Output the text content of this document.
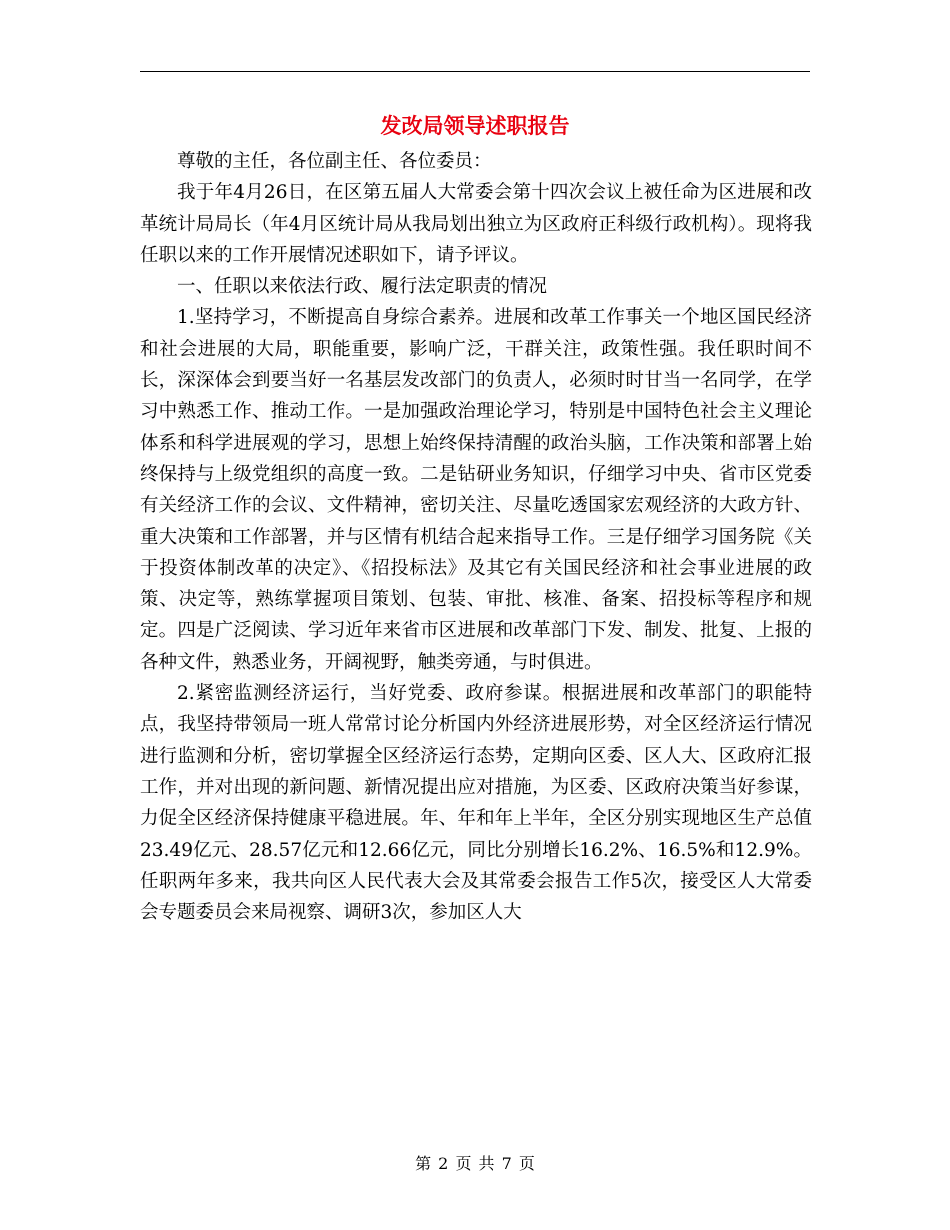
发改局领导述职报告

尊敬的主任，各位副主任、各位委员：

我于年4月26日，在区第五届人大常委会第十四次会议上被任命为区进展和改革统计局局长（年4月区统计局从我局划出独立为区政府正科级行政机构）。现将我任职以来的工作开展情况述职如下，请予评议。

一、任职以来依法行政、履行法定职责的情况

1.坚持学习，不断提高自身综合素养。进展和改革工作事关一个地区国民经济和社会进展的大局，职能重要，影响广泛，干群关注，政策性强。我任职时间不长，深深体会到要当好一名基层发改部门的负责人，必须时时甘当一名同学，在学习中熟悉工作、推动工作。一是加强政治理论学习，特别是中国特色社会主义理论体系和科学进展观的学习，思想上始终保持清醒的政治头脑，工作决策和部署上始终保持与上级党组织的高度一致。二是钻研业务知识，仔细学习中央、省市区党委有关经济工作的会议、文件精神，密切关注、尽量吃透国家宏观经济的大政方针、重大决策和工作部署，并与区情有机结合起来指导工作。三是仔细学习国务院《关于投资体制改革的决定》、《招投标法》及其它有关国民经济和社会事业进展的政策、决定等，熟练掌握项目策划、包装、审批、核准、备案、招投标等程序和规定。四是广泛阅读、学习近年来省市区进展和改革部门下发、制发、批复、上报的各种文件，熟悉业务，开阔视野，触类旁通，与时俱进。

2.紧密监测经济运行，当好党委、政府参谋。根据进展和改革部门的职能特点，我坚持带领局一班人常常讨论分析国内外经济进展形势，对全区经济运行情况进行监测和分析，密切掌握全区经济运行态势，定期向区委、区人大、区政府汇报工作，并对出现的新问题、新情况提出应对措施，为区委、区政府决策当好参谋，力促全区经济保持健康平稳进展。年、年和年上半年，全区分别实现地区生产总值23.49亿元、28.57亿元和12.66亿元，同比分别增长16.2%、16.5%和12.9%。任职两年多来，我共向区人民代表大会及其常委会报告工作5次，接受区人大常委会专题委员会来局视察、调研3次，参加区人大

第 2 页 共 7 页
